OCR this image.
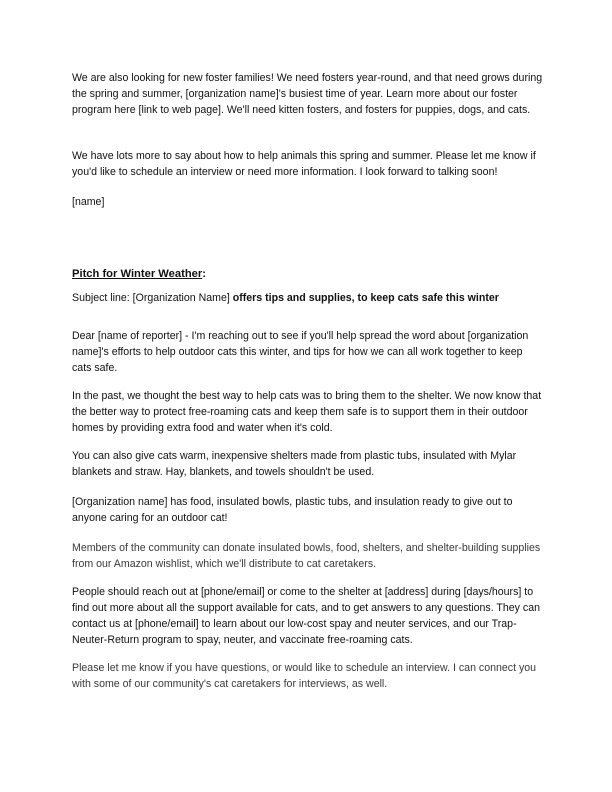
We are also looking for new foster families! We need fosters year-round, and that need grows during the spring and summer, [organization name]'s busiest time of year. Learn more about our foster program here [link to web page]. We'll need kitten fosters, and fosters for puppies, dogs, and cats.

We have lots more to say about how to help animals this spring and summer. Please let me know if you'd like to schedule an interview or need more information. I look forward to talking soon!

[name]

Pitch for Winter Weather:

Subject line: [Organization Name] offers tips and supplies, to keep cats safe this winter

Dear [name of reporter] - I'm reaching out to see if you'll help spread the word about [organization name]'s efforts to help outdoor cats this winter, and tips for how we can all work together to keep cats safe.

In the past, we thought the best way to help cats was to bring them to the shelter. We now know that the better way to protect free-roaming cats and keep them safe is to support them in their outdoor homes by providing extra food and water when it's cold.

You can also give cats warm, inexpensive shelters made from plastic tubs, insulated with Mylar blankets and straw. Hay, blankets, and towels shouldn't be used.

[Organization name] has food, insulated bowls, plastic tubs, and insulation ready to give out to anyone caring for an outdoor cat!

Members of the community can donate insulated bowls, food, shelters, and shelter-building supplies from our Amazon wishlist, which we'll distribute to cat caretakers.

People should reach out at [phone/email] or come to the shelter at [address] during [days/hours] to find out more about all the support available for cats, and to get answers to any questions. They can contact us at [phone/email] to learn about our low-cost spay and neuter services, and our Trap-Neuter-Return program to spay, neuter, and vaccinate free-roaming cats.

Please let me know if you have questions, or would like to schedule an interview. I can connect you with some of our community's cat caretakers for interviews, as well.
